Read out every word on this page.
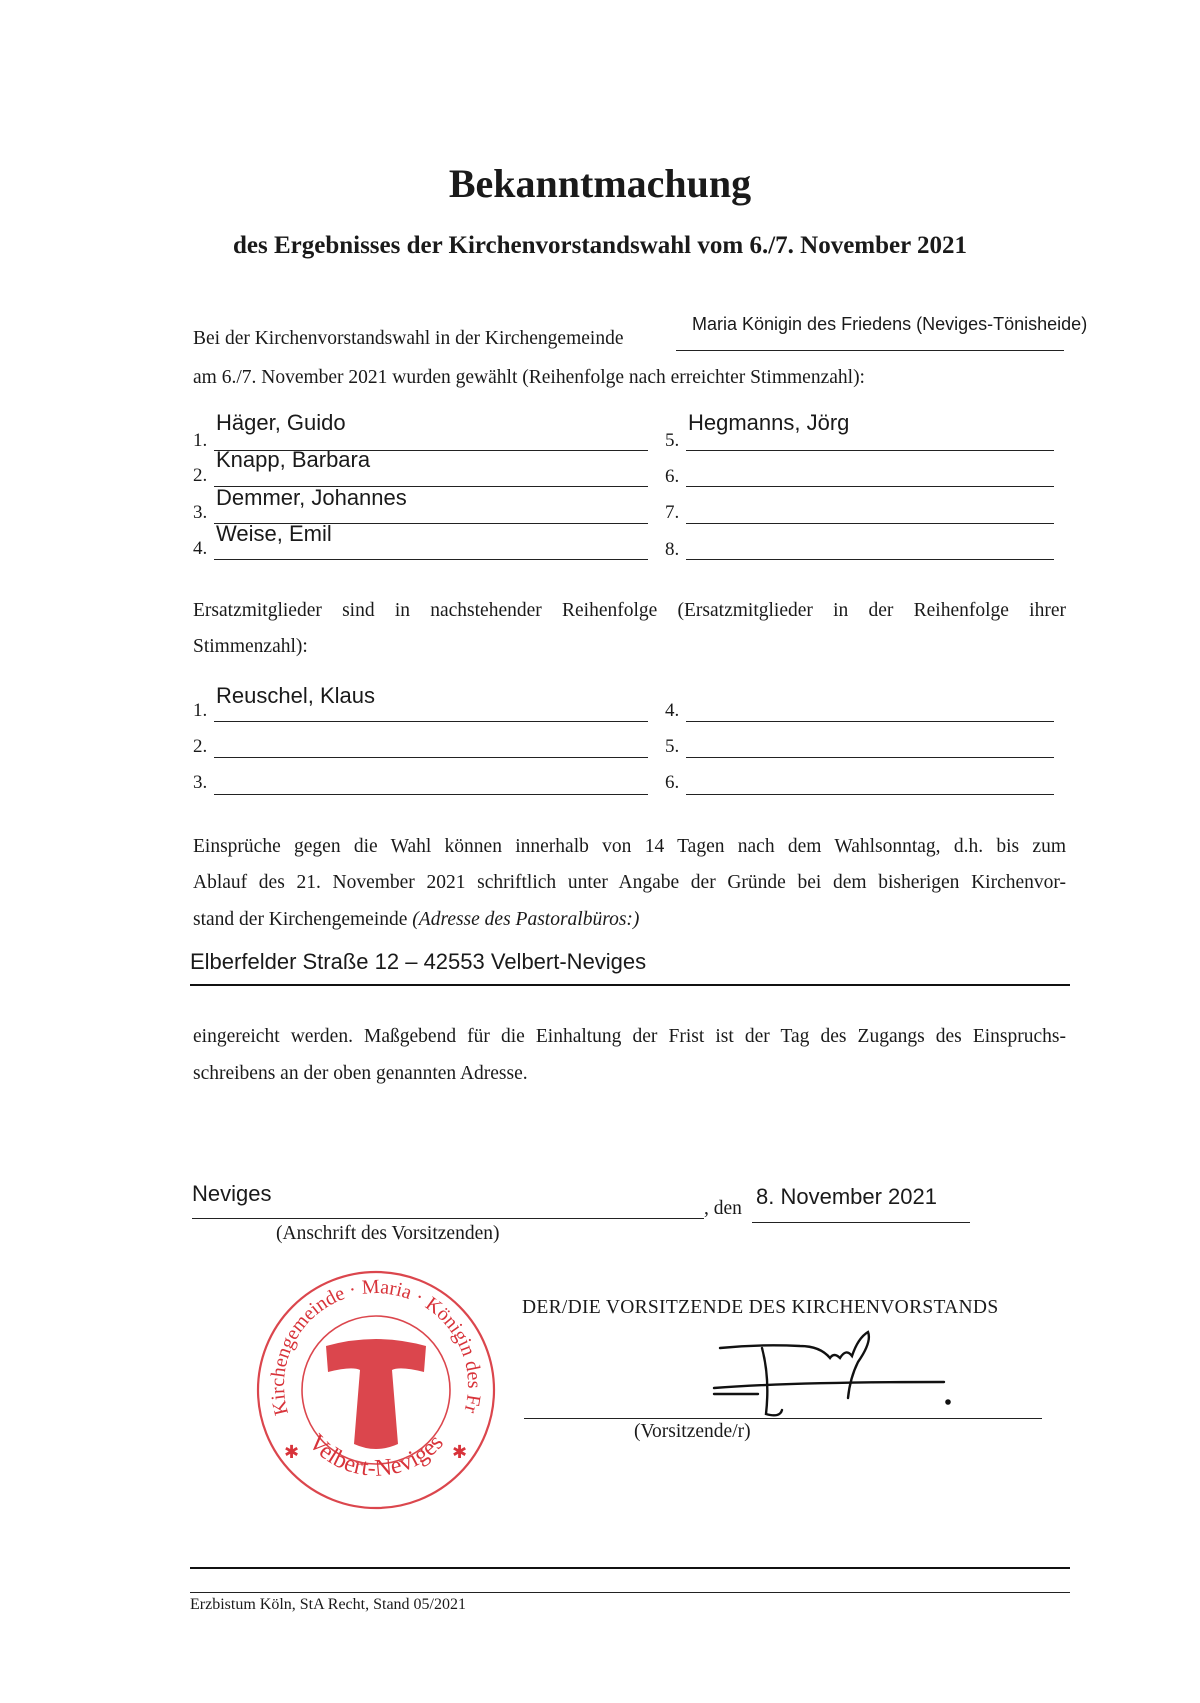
Bekanntmachung
des Ergebnisses der Kirchenvorstandswahl vom 6./7. November 2021
Bei der Kirchenvorstandswahl in der Kirchengemeinde
Maria Königin des Friedens (Neviges-Tönisheide)
am 6./7. November 2021 wurden gewählt (Reihenfolge nach erreichter Stimmenzahl):
1.
Häger, Guido
2.
Knapp, Barbara
3.
Demmer, Johannes
4.
Weise, Emil
5.
Hegmanns, Jörg
6.
7.
8.
Ersatzmitglieder sind in nachstehender Reihenfolge (Ersatzmitglieder in der Reihenfolge ihrer
Stimmenzahl):
1.
Reuschel, Klaus
2.
3.
4.
5.
6.
Einsprüche gegen die Wahl können innerhalb von 14 Tagen nach dem Wahlsonntag, d.h. bis zum
Ablauf des 21. November 2021 schriftlich unter Angabe der Gründe bei dem bisherigen Kirchenvor-
stand der Kirchengemeinde (Adresse des Pastoralbüros:)
Elberfelder Straße 12 – 42553 Velbert-Neviges
eingereicht werden. Maßgebend für die Einhaltung der Frist ist der Tag des Zugangs des Einspruchs-
schreibens an der oben genannten Adresse.
Neviges
, den 8. November 2021
(Anschrift des Vorsitzenden)
Kirchengemeinde · Maria · Königin des Fr
Velbert-Neviges
✱	✱
DER/DIE VORSITZENDE DES KIRCHENVORSTANDS
(Vorsitzende/r)
Erzbistum Köln, StA Recht, Stand 05/2021
